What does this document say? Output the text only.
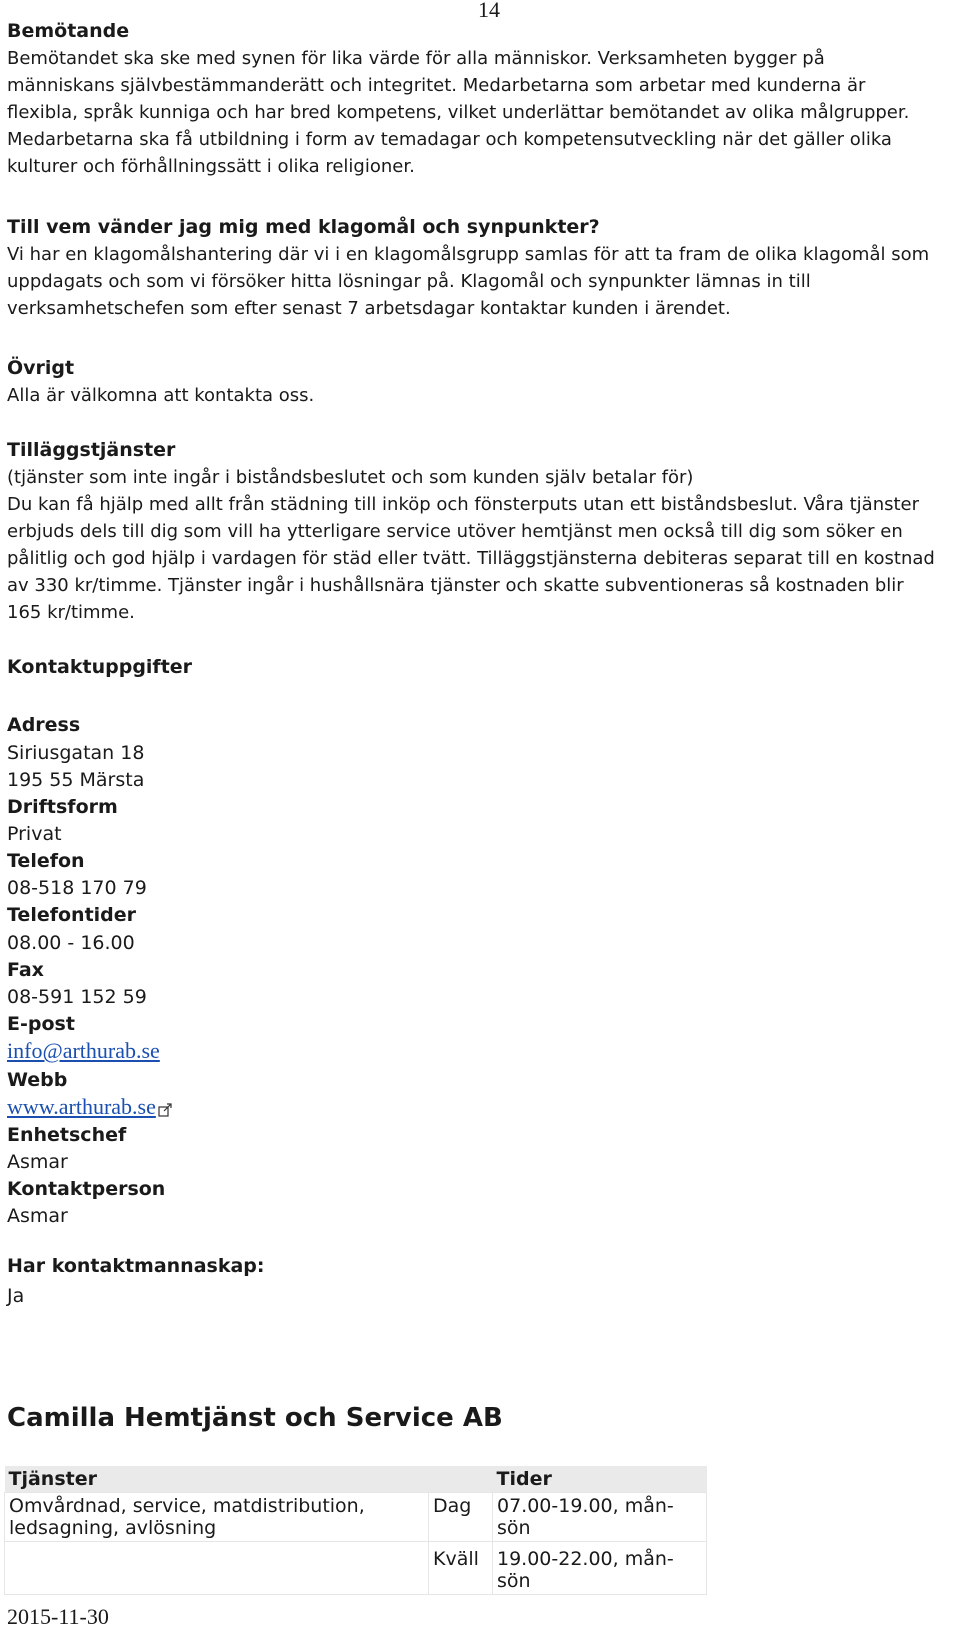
14
Bemötande
Bemötandet ska ske med synen för lika värde för alla människor. Verksamheten bygger på
människans självbestämmanderätt och integritet. Medarbetarna som arbetar med kunderna är
flexibla, språk kunniga och har bred kompetens, vilket underlättar bemötandet av olika målgrupper.
Medarbetarna ska få utbildning i form av temadagar och kompetensutveckling när det gäller olika
kulturer och förhållningssätt i olika religioner.
Till vem vänder jag mig med klagomål och synpunkter?
Vi har en klagomålshantering där vi i en klagomålsgrupp samlas för att ta fram de olika klagomål som
uppdagats och som vi försöker hitta lösningar på. Klagomål och synpunkter lämnas in till
verksamhetschefen som efter senast 7 arbetsdagar kontaktar kunden i ärendet.
Övrigt
Alla är välkomna att kontakta oss.
Tilläggstjänster
(tjänster som inte ingår i biståndsbeslutet och som kunden själv betalar för)
Du kan få hjälp med allt från städning till inköp och fönsterputs utan ett biståndsbeslut. Våra tjänster
erbjuds dels till dig som vill ha ytterligare service utöver hemtjänst men också till dig som söker en
pålitlig och god hjälp i vardagen för städ eller tvätt. Tilläggstjänsterna debiteras separat till en kostnad
av 330 kr/timme. Tjänster ingår i hushållsnära tjänster och skatte subventioneras så kostnaden blir
165 kr/timme.
Kontaktuppgifter
Adress
Siriusgatan 18
195 55 Märsta
Driftsform
Privat
Telefon
08-518 170 79
Telefontider
08.00 - 16.00
Fax
08-591 152 59
E-post
info@arthurab.se
Webb
www.arthurab.se
Enhetschef
Asmar
Kontaktperson
Asmar
Har kontaktmannaskap:
Ja
Camilla Hemtjänst och Service AB
Tjänster		Tider
Omvårdnad, service, matdistribution,
ledsagning, avlösning	Dag	07.00-19.00, mån-sön
	Kväll	19.00-22.00, mån-sön
2015-11-30
